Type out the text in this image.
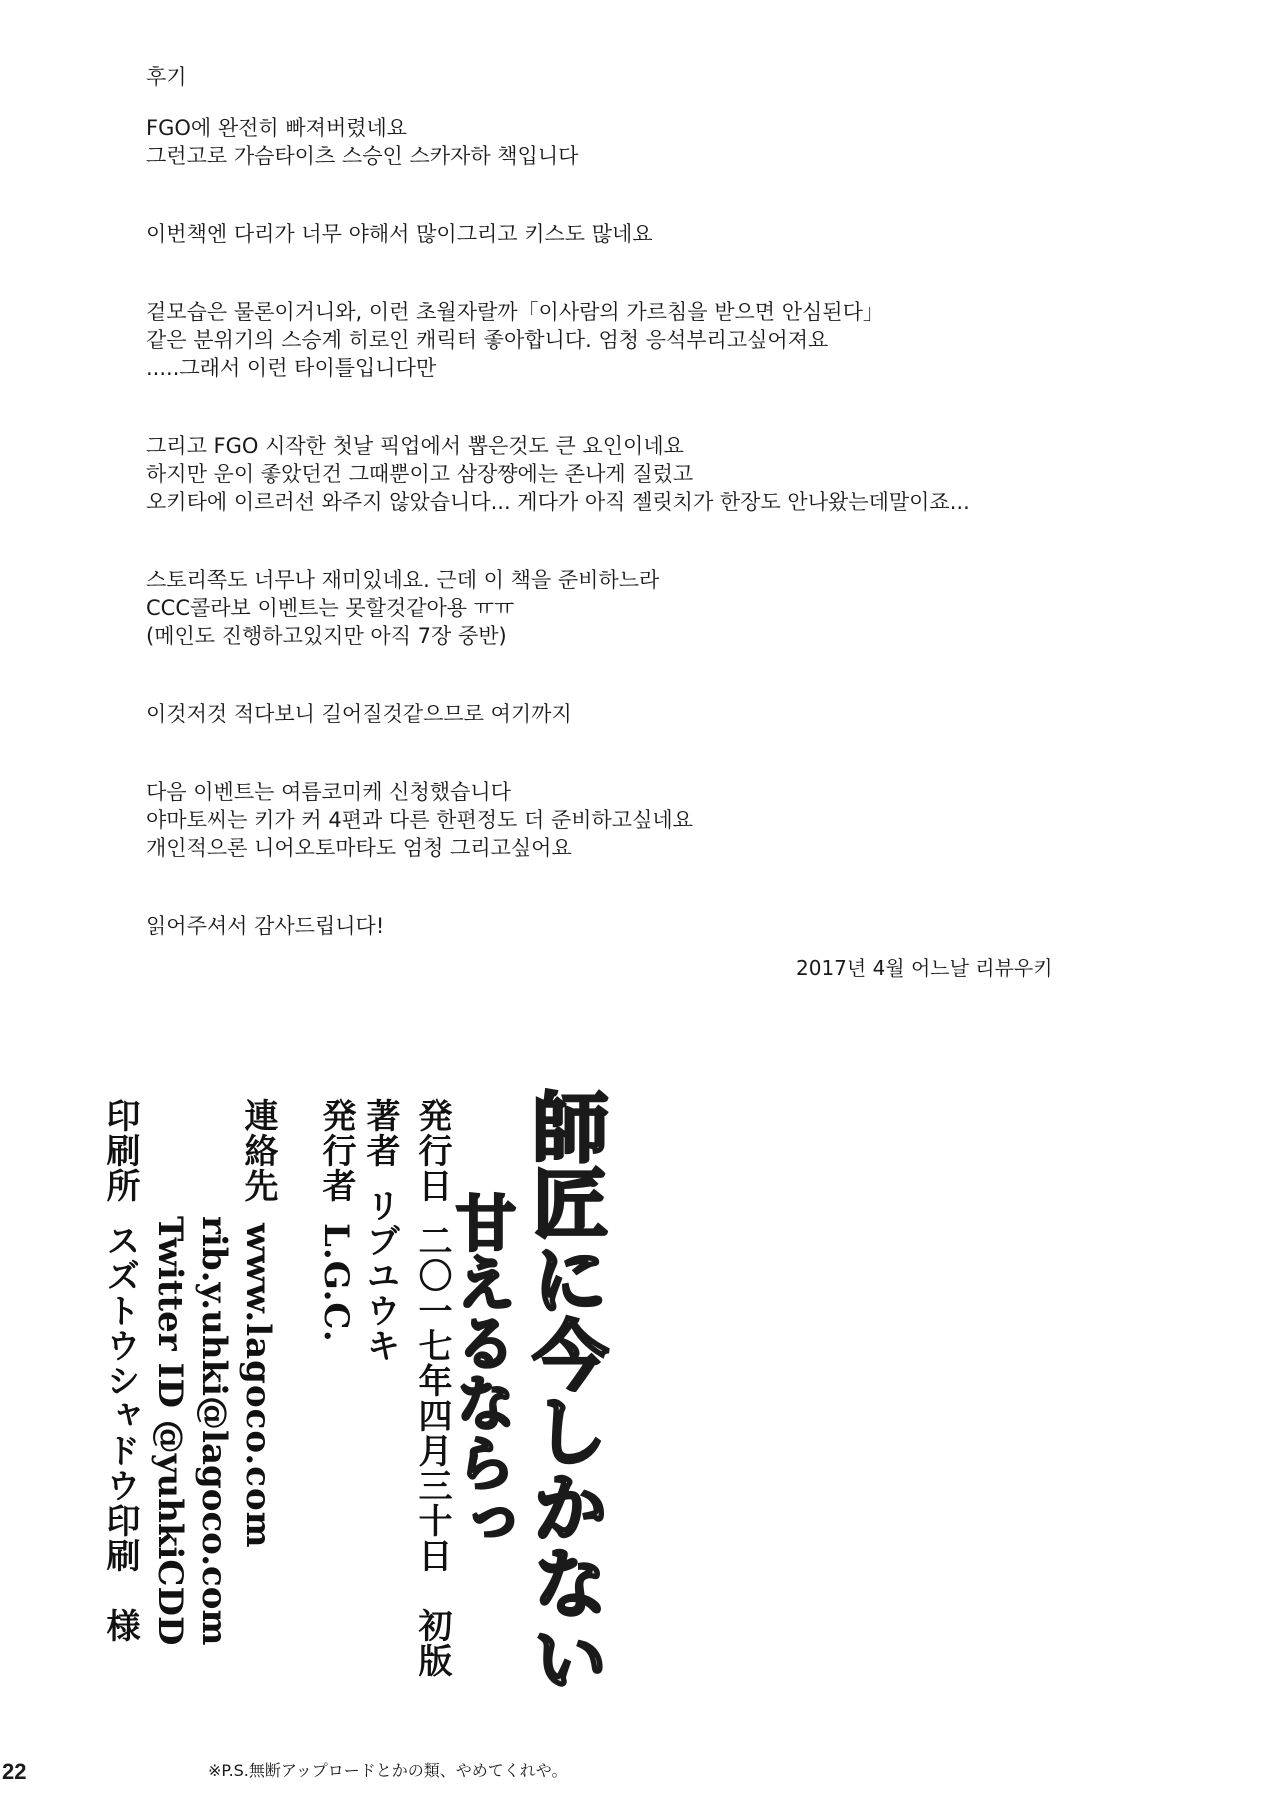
후기
FGO에 완전히 빠져버렸네요
그런고로 가슴타이츠 스승인 스카자하 책입니다
이번책엔 다리가 너무 야해서 많이그리고 키스도 많네요
겉모습은 물론이거니와, 이런 초월자랄까「이사람의 가르침을 받으면 안심된다」
같은 분위기의 스승계 히로인 캐릭터 좋아합니다. 엄청 응석부리고싶어져요
.....그래서 이런 타이틀입니다만
그리고 FGO 시작한 첫날 픽업에서 뽑은것도 큰 요인이네요
하지만 운이 좋았던건 그때뿐이고 삼장쨩에는 존나게 질렀고
오키타에 이르러선 와주지 않았습니다... 게다가 아직 젤릿치가 한장도 안나왔는데말이죠...
스토리쪽도 너무나 재미있네요. 근데 이 책을 준비하느라
CCC콜라보 이벤트는 못할것같아용 ㅠㅠ
(메인도 진행하고있지만 아직 7장 중반)
이것저것 적다보니 길어질것같으므로 여기까지
다음 이벤트는 여름코미케 신청했습니다
야마토씨는 키가 커 4편과 다른 한편정도 더 준비하고싶네요
개인적으론 니어오토마타도 엄청 그리고싶어요
읽어주셔서 감사드립니다!
2017년 4월 어느날 리뷰우키
師匠に今しかない
甘えるならっ
発行日二〇一七年四月三十日　初版
著者リブユウキ
発行者L.G.C.
連絡先www.lagoco.com
rib.y.uhki@lagoco.com
Twitter ID @yuhkiCDD
印刷所スズトウシャドウ印刷　様
22	※P.S.無断アップロードとかの類、やめてくれや。
